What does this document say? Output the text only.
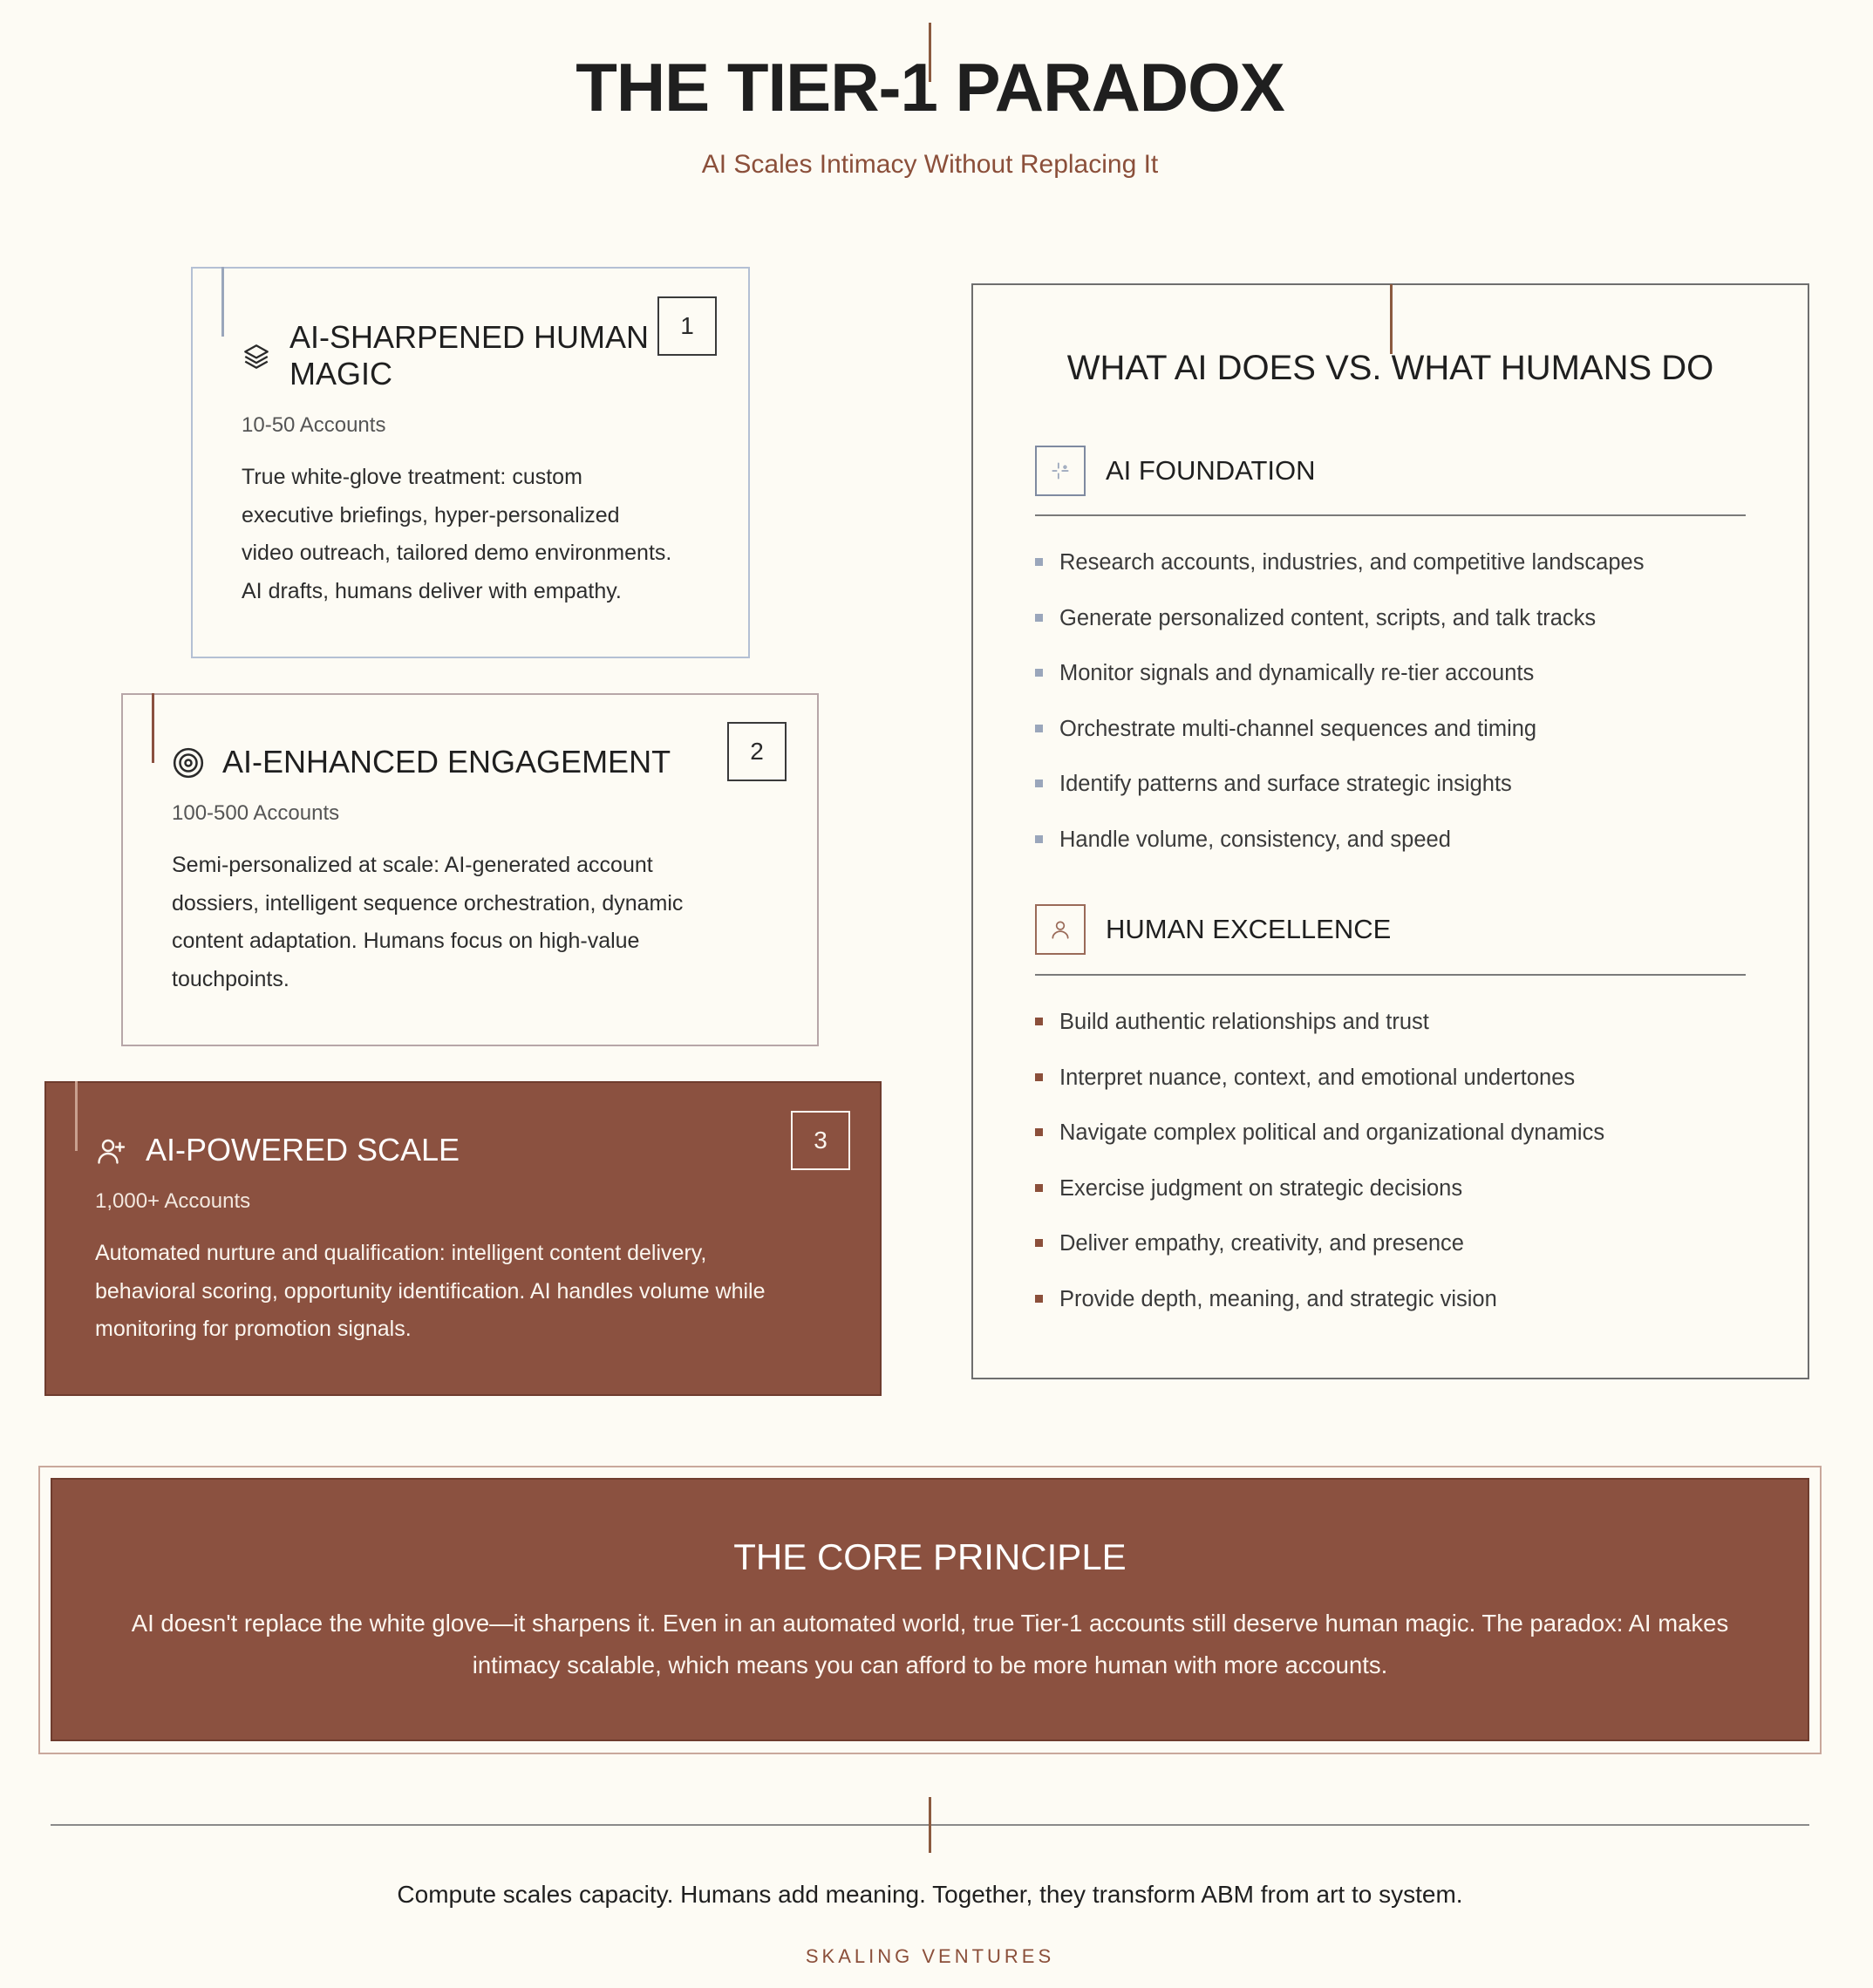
THE TIER-1 PARADOX
AI Scales Intimacy Without Replacing It
1
AI-SHARPENED HUMAN
MAGIC
10-50 Accounts
True white-glove treatment: custom
executive briefings, hyper-personalized
video outreach, tailored demo environments.
AI drafts, humans deliver with empathy.
2
AI-ENHANCED ENGAGEMENT
100-500 Accounts
Semi-personalized at scale: AI-generated account
dossiers, intelligent sequence orchestration, dynamic
content adaptation. Humans focus on high-value
touchpoints.
3
AI-POWERED SCALE
1,000+ Accounts
Automated nurture and qualification: intelligent content delivery,
behavioral scoring, opportunity identification. AI handles volume while
monitoring for promotion signals.
WHAT AI DOES VS. WHAT HUMANS DO
AI FOUNDATION
Research accounts, industries, and competitive landscapes
Generate personalized content, scripts, and talk tracks
Monitor signals and dynamically re-tier accounts
Orchestrate multi-channel sequences and timing
Identify patterns and surface strategic insights
Handle volume, consistency, and speed
HUMAN EXCELLENCE
Build authentic relationships and trust
Interpret nuance, context, and emotional undertones
Navigate complex political and organizational dynamics
Exercise judgment on strategic decisions
Deliver empathy, creativity, and presence
Provide depth, meaning, and strategic vision
THE CORE PRINCIPLE
AI doesn't replace the white glove—it sharpens it. Even in an automated world, true Tier-1 accounts still deserve human magic. The paradox: AI makes
intimacy scalable, which means you can afford to be more human with more accounts.
Compute scales capacity. Humans add meaning. Together, they transform ABM from art to system.
SKALING VENTURES
